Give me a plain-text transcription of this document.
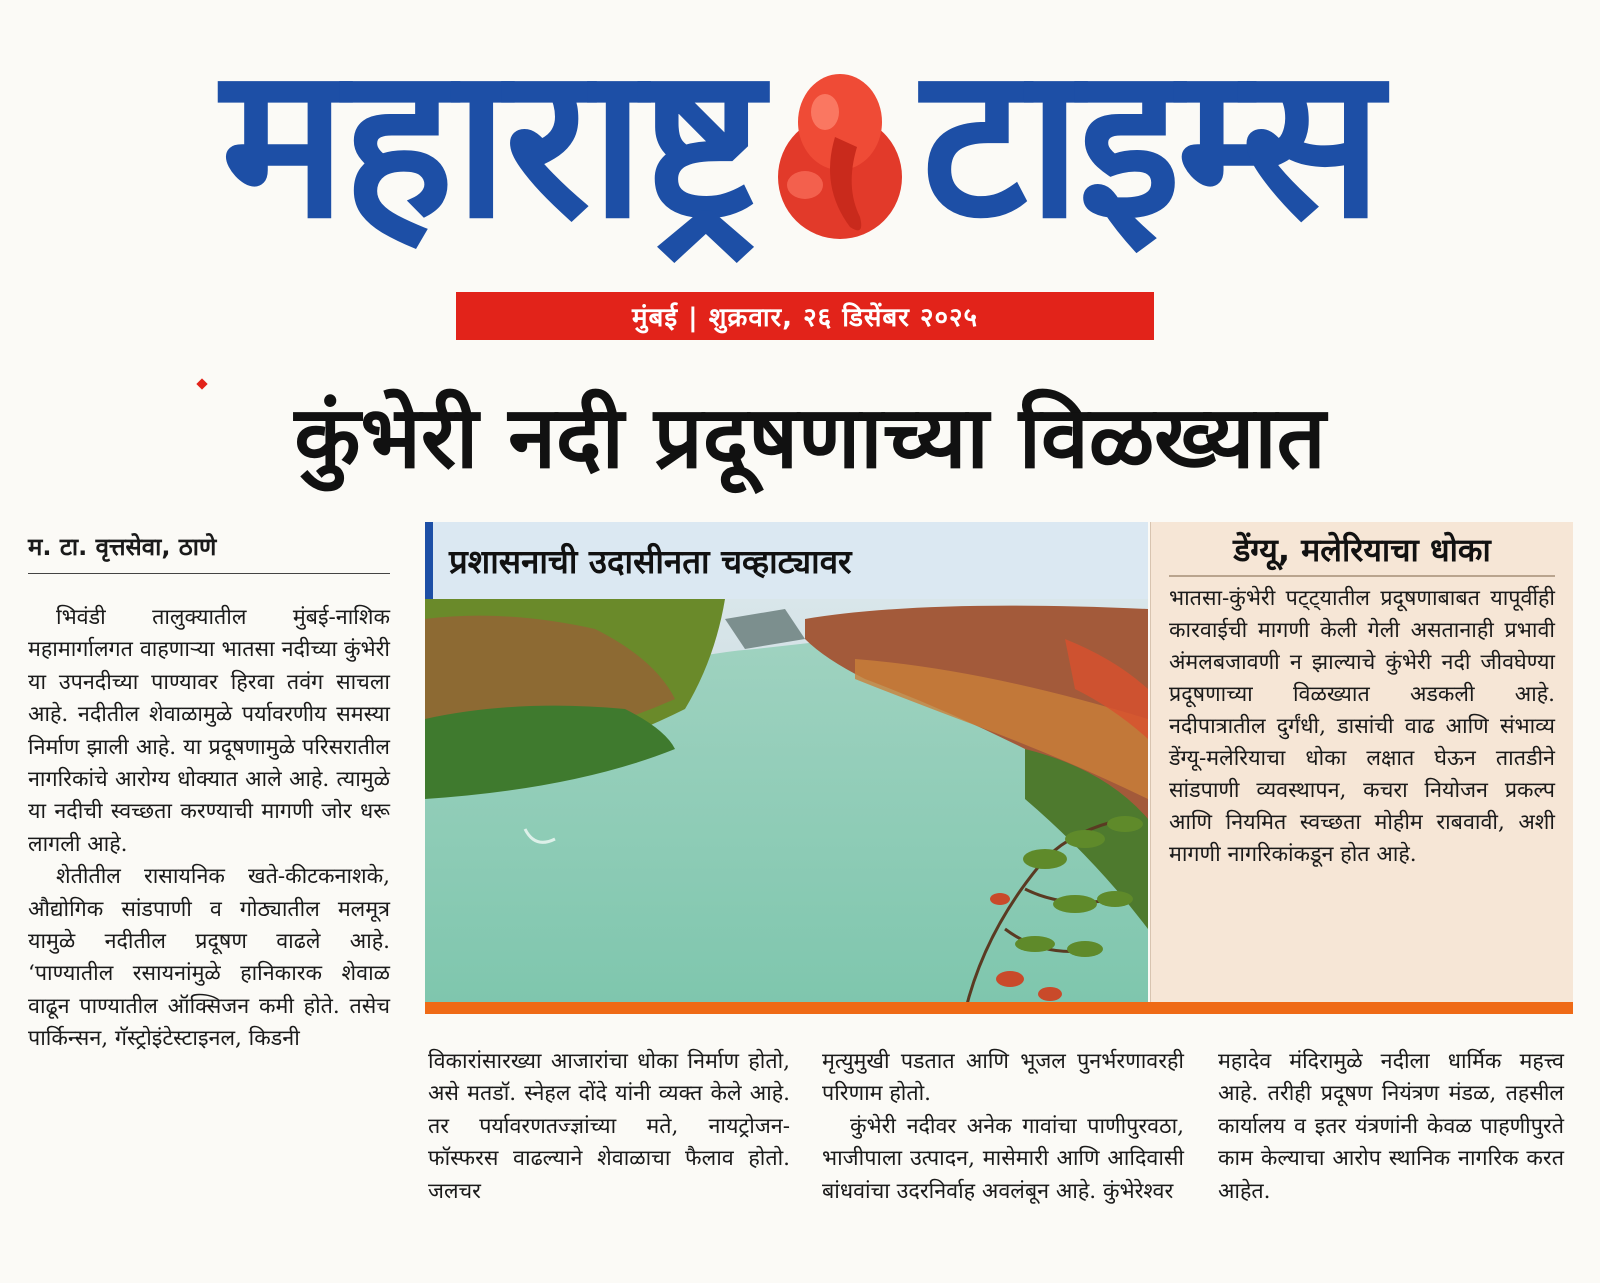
महाराष्ट्र टाइम्स
मुंबई | शुक्रवार, २६ डिसेंबर २०२५
कुंभेरी नदी प्रदूषणाच्या विळख्यात
म. टा. वृत्तसेवा, ठाणे

भिवंडी तालुक्यातील मुंबई-नाशिक महामार्गालगत वाहणाऱ्या भातसा नदीच्या कुंभेरी या उपनदीच्या पाण्यावर हिरवा तवंग साचला आहे. नदीतील शेवाळामुळे पर्यावरणीय समस्या निर्माण झाली आहे. या प्रदूषणामुळे परिसरातील नागरिकांचे आरोग्य धोक्यात आले आहे. त्यामुळे या नदीची स्वच्छता करण्याची मागणी जोर धरू लागली आहे.

शेतीतील रासायनिक खते-कीटकनाशके, औद्योगिक सांडपाणी व गोठ्यातील मलमूत्र यामुळे नदीतील प्रदूषण वाढले आहे. ‘पाण्यातील रसायनांमुळे हानिकारक शेवाळ वाढून पाण्यातील ऑक्सिजन कमी होते. तसेच पार्किन्सन, गॅस्ट्रोइंटेस्टाइनल, किडनी

प्रशासनाची उदासीनता चव्हाट्यावर	डेंग्यू, मलेरियाचा धोका
भातसा-कुंभेरी पट्ट्यातील प्रदूषणाबाबत यापूर्वीही कारवाईची मागणी केली गेली असतानाही प्रभावी अंमलबजावणी न झाल्याचे कुंभेरी नदी जीवघेण्या प्रदूषणाच्या विळख्यात अडकली आहे. नदीपात्रातील दुर्गंधी, डासांची वाढ आणि संभाव्य डेंग्यू-मलेरियाचा धोका लक्षात घेऊन तातडीने सांडपाणी व्यवस्थापन, कचरा नियोजन प्रकल्प आणि नियमित स्वच्छता मोहीम राबवावी, अशी मागणी नागरिकांकडून होत आहे.

विकारांसारख्या आजारांचा धोका निर्माण होतो, असे मतडॉ. स्नेहल दोंदे यांनी व्यक्त केले आहे. तर पर्यावरणतज्ज्ञांच्या मते, नायट्रोजन-फॉस्फरस वाढल्याने शेवाळाचा फैलाव होतो. जलचर

मृत्युमुखी पडतात आणि भूजल पुनर्भरणावरही परिणाम होतो.

कुंभेरी नदीवर अनेक गावांचा पाणीपुरवठा, भाजीपाला उत्पादन, मासेमारी आणि आदिवासी बांधवांचा उदरनिर्वाह अवलंबून आहे. कुंभेरेश्वर

महादेव मंदिरामुळे नदीला धार्मिक महत्त्व आहे. तरीही प्रदूषण नियंत्रण मंडळ, तहसील कार्यालय व इतर यंत्रणांनी केवळ पाहणीपुरते काम केल्याचा आरोप स्थानिक नागरिक करत आहेत.
